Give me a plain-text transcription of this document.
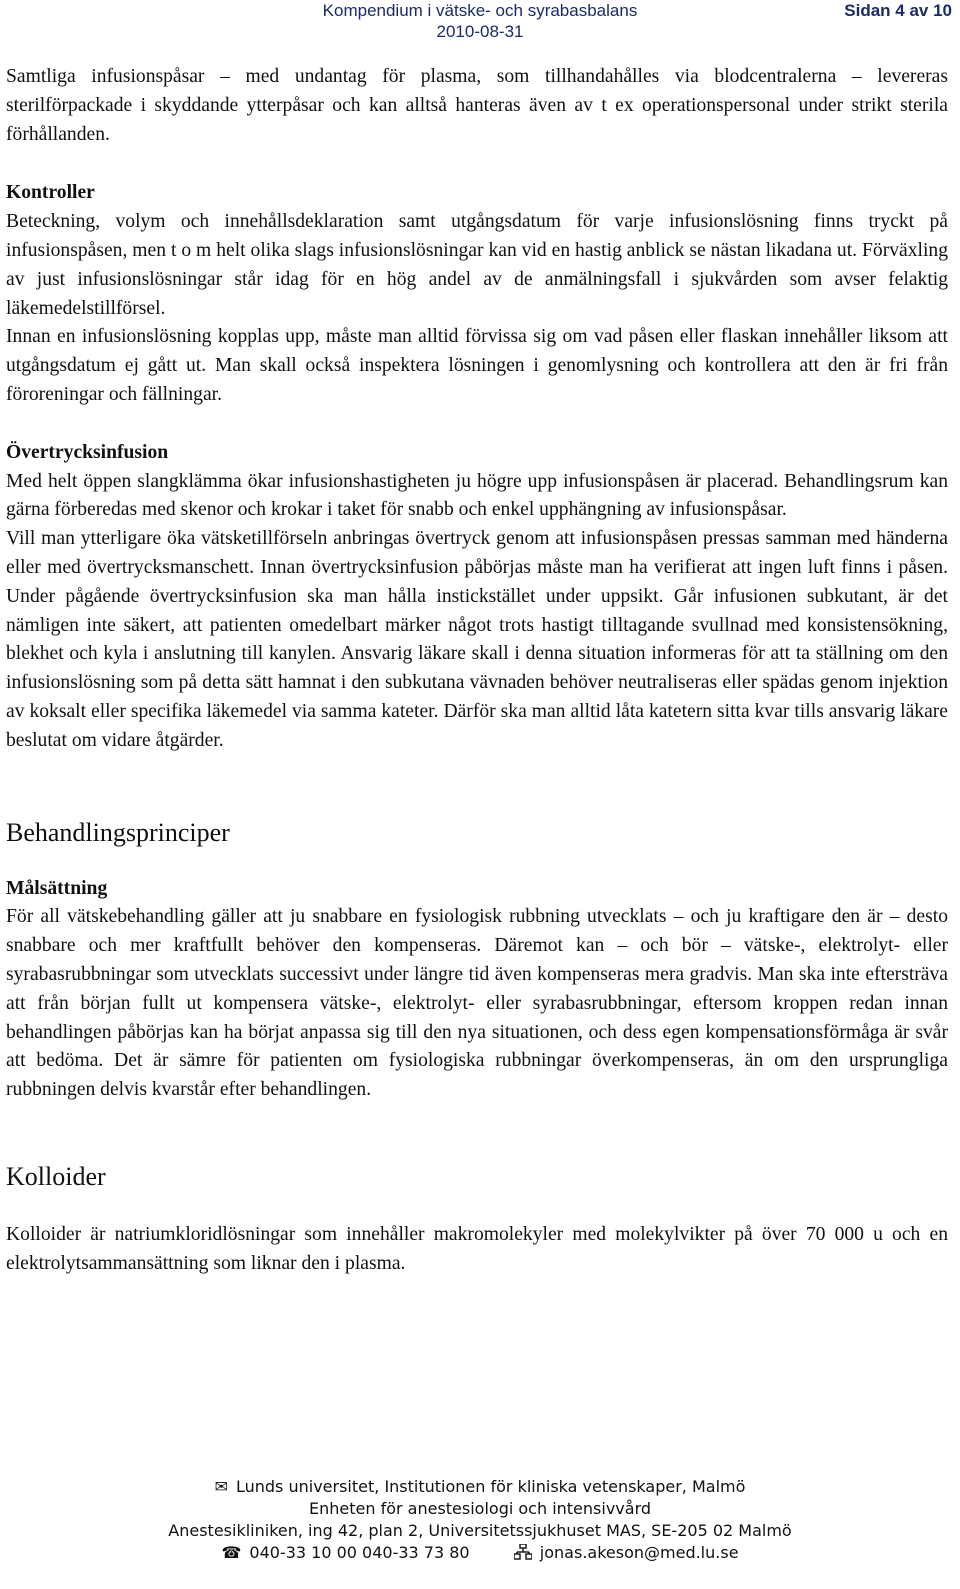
Kompendium i vätske- och syrabasbalans
2010-08-31
Sidan 4 av 10

Samtliga infusionspåsar – med undantag för plasma, som tillhandahålles via blodcentralerna – levereras sterilförpackade i skyddande ytterpåsar och kan alltså hanteras även av t ex operationspersonal under strikt sterila förhållanden.

Kontroller

Beteckning, volym och innehållsdeklaration samt utgångsdatum för varje infusionslösning finns tryckt på infusionspåsen, men t o m helt olika slags infusionslösningar kan vid en hastig anblick se nästan likadana ut. Förväxling av just infusionslösningar står idag för en hög andel av de anmälningsfall i sjukvården som avser felaktig läkemedelstillförsel.

Innan en infusionslösning kopplas upp, måste man alltid förvissa sig om vad påsen eller flaskan innehåller liksom att utgångsdatum ej gått ut. Man skall också inspektera lösningen i genomlysning och kontrollera att den är fri från föroreningar och fällningar.

Övertrycksinfusion

Med helt öppen slangklämma ökar infusionshastigheten ju högre upp infusionspåsen är placerad. Behandlingsrum kan gärna förberedas med skenor och krokar i taket för snabb och enkel upphängning av infusionspåsar.

Vill man ytterligare öka vätsketillförseln anbringas övertryck genom att infusionspåsen pressas samman med händerna eller med övertrycksmanschett. Innan övertrycksinfusion påbörjas måste man ha verifierat att ingen luft finns i påsen. Under pågående övertrycksinfusion ska man hålla instickstället under uppsikt. Går infusionen subkutant, är det nämligen inte säkert, att patienten omedelbart märker något trots hastigt tilltagande svullnad med konsistensökning, blekhet och kyla i anslutning till kanylen. Ansvarig läkare skall i denna situation informeras för att ta ställning om den infusionslösning som på detta sätt hamnat i den subkutana vävnaden behöver neutraliseras eller spädas genom injektion av koksalt eller specifika läkemedel via samma kateter. Därför ska man alltid låta katetern sitta kvar tills ansvarig läkare beslutat om vidare åtgärder.

Behandlingsprinciper
Målsättning

För all vätskebehandling gäller att ju snabbare en fysiologisk rubbning utvecklats – och ju kraftigare den är – desto snabbare och mer kraftfullt behöver den kompenseras. Däremot kan – och bör – vätske-, elektrolyt- eller syrabasrubbningar som utvecklats successivt under längre tid även kompenseras mera gradvis. Man ska inte eftersträva att från början fullt ut kompensera vätske-, elektrolyt- eller syrabasrubbningar, eftersom kroppen redan innan behandlingen påbörjas kan ha börjat anpassa sig till den nya situationen, och dess egen kompensationsförmåga är svår att bedöma. Det är sämre för patienten om fysiologiska rubbningar överkompenseras, än om den ursprungliga rubbningen delvis kvarstår efter behandlingen.

Kolloider

Kolloider är natriumkloridlösningar som innehåller makromolekyler med molekylvikter på över 70 000 u och en elektrolytsammansättning som liknar den i plasma.

✉ Lunds universitet, Institutionen för kliniska vetenskaper, Malmö
Enheten för anestesiologi och intensivvård
Anestesikliniken, ing 42, plan 2, Universitetssjukhuset MAS, SE-205 02 Malmö
☎ 040-33 10 00 040-33 73 80	jonas.akeson@med.lu.se
